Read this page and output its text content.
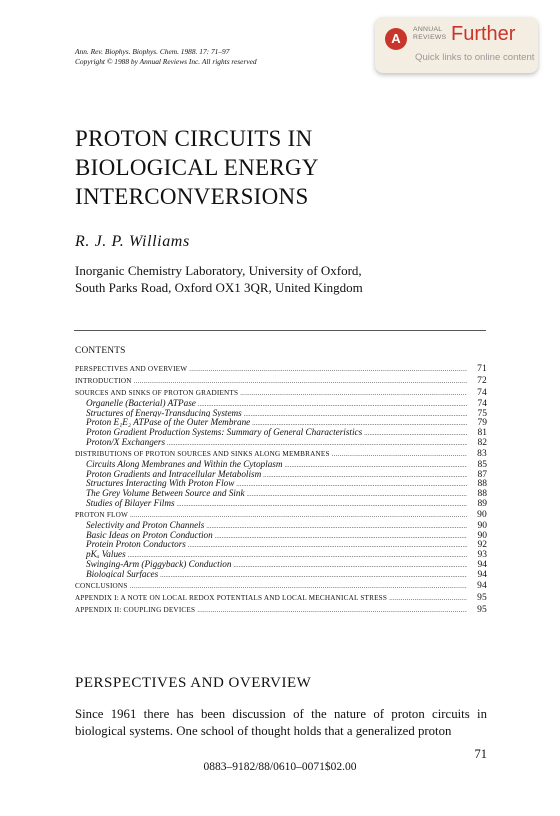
Ann. Rev. Biophys. Biophys. Chem. 1988. 17: 71–97
Copyright © 1988 by Annual Reviews Inc. All rights reserved
A
ANNUAL
REVIEWS Further
Quick links to online content
PROTON CIRCUITS IN
BIOLOGICAL ENERGY
INTERCONVERSIONS
R. J. P. Williams
Inorganic Chemistry Laboratory, University of Oxford,
South Parks Road, Oxford OX1 3QR, United Kingdom
CONTENTS
PERSPECTIVES AND OVERVIEW .....	71
INTRODUCTION .....	72
SOURCES AND SINKS OF PROTON GRADIENTS .....	74
Organelle (Bacterial) ATPase .....	74
Structures of Energy-Transducing Systems .....	75
Proton E₁E₂ ATPase of the Outer Membrane .....	79
Proton Gradient Production Systems: Summary of General Characteristics .....	81
Proton/X Exchangers .....	82
DISTRIBUTIONS OF PROTON SOURCES AND SINKS ALONG MEMBRANES .....	83
Circuits Along Membranes and Within the Cytoplasm .....	85
Proton Gradients and Intracellular Metabolism .....	87
Structures Interacting With Proton Flow .....	88
The Grey Volume Between Source and Sink .....	88
Studies of Bilayer Films .....	89
PROTON FLOW .....	90
Selectivity and Proton Channels .....	90
Basic Ideas on Proton Conduction .....	90
Protein Proton Conductors .....	92
pKₐ Values .....	93
Swinging-Arm (Piggyback) Conduction .....	94
Biological Surfaces .....	94
CONCLUSIONS .....	94
APPENDIX I: A NOTE ON LOCAL REDOX POTENTIALS AND LOCAL MECHANICAL STRESS .....	95
APPENDIX II: COUPLING DEVICES .....	95
PERSPECTIVES AND OVERVIEW
Since 1961 there has been discussion of the nature of proton circuits in biological systems. One school of thought holds that a generalized proton
71
0883–9182/88/0610–0071$02.00
